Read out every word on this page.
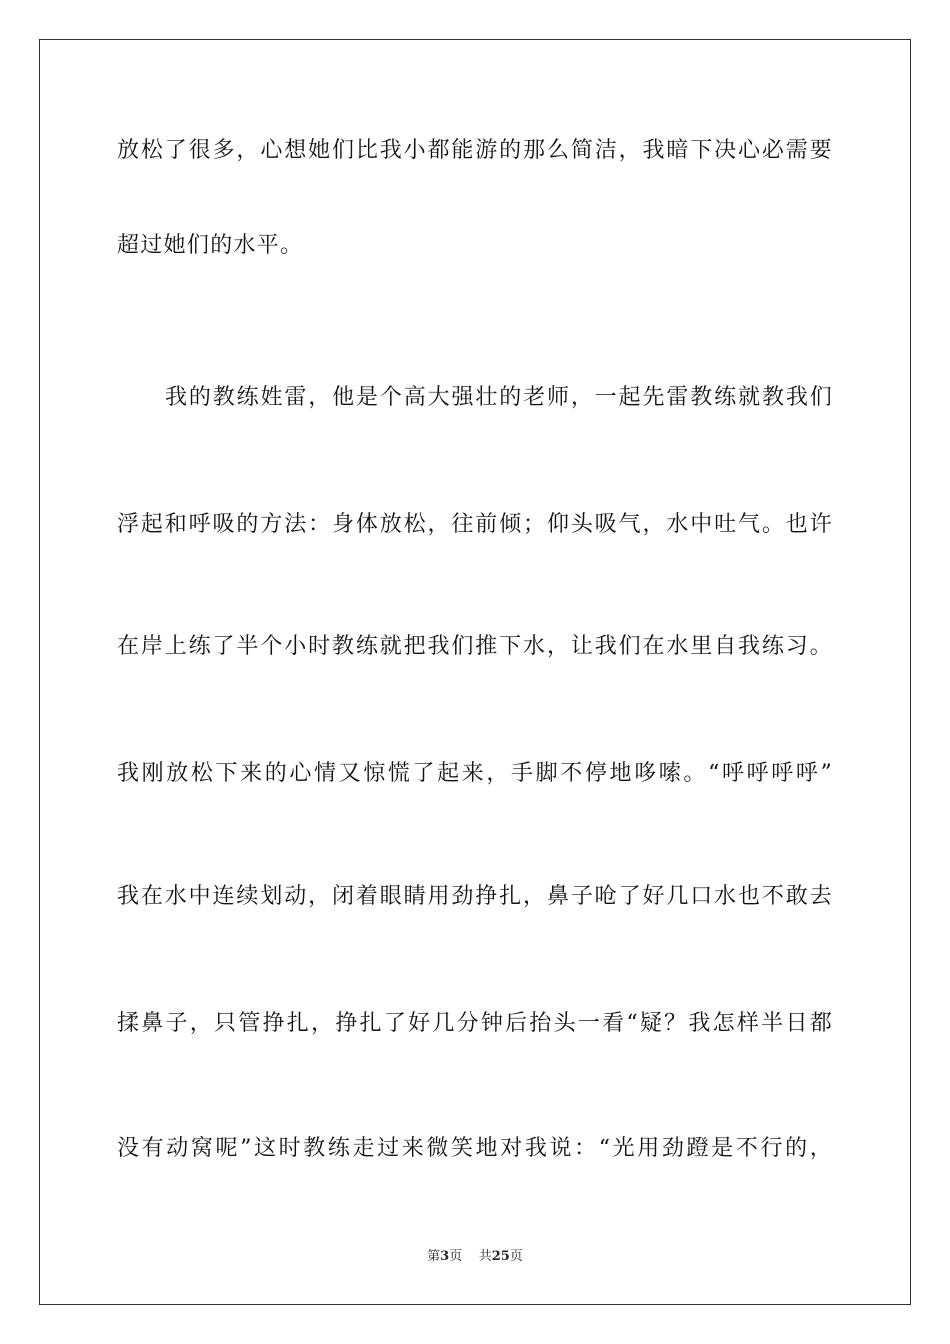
放松了很多，心想她们比我小都能游的那么简洁，我暗下决心必需要
超过她们的水平。
我的教练姓雷，他是个高大强壮的老师，一起先雷教练就教我们
浮起和呼吸的方法：身体放松，往前倾；仰头吸气，水中吐气。也许
在岸上练了半个小时教练就把我们推下水，让我们在水里自我练习。
我刚放松下来的心情又惊慌了起来，手脚不停地哆嗦。“呼呼呼呼”
我在水中连续划动，闭着眼睛用劲挣扎，鼻子呛了好几口水也不敢去
揉鼻子，只管挣扎，挣扎了好几分钟后抬头一看“疑？我怎样半日都
没有动窝呢”这时教练走过来微笑地对我说：“光用劲蹬是不行的，
第3页 共25页
